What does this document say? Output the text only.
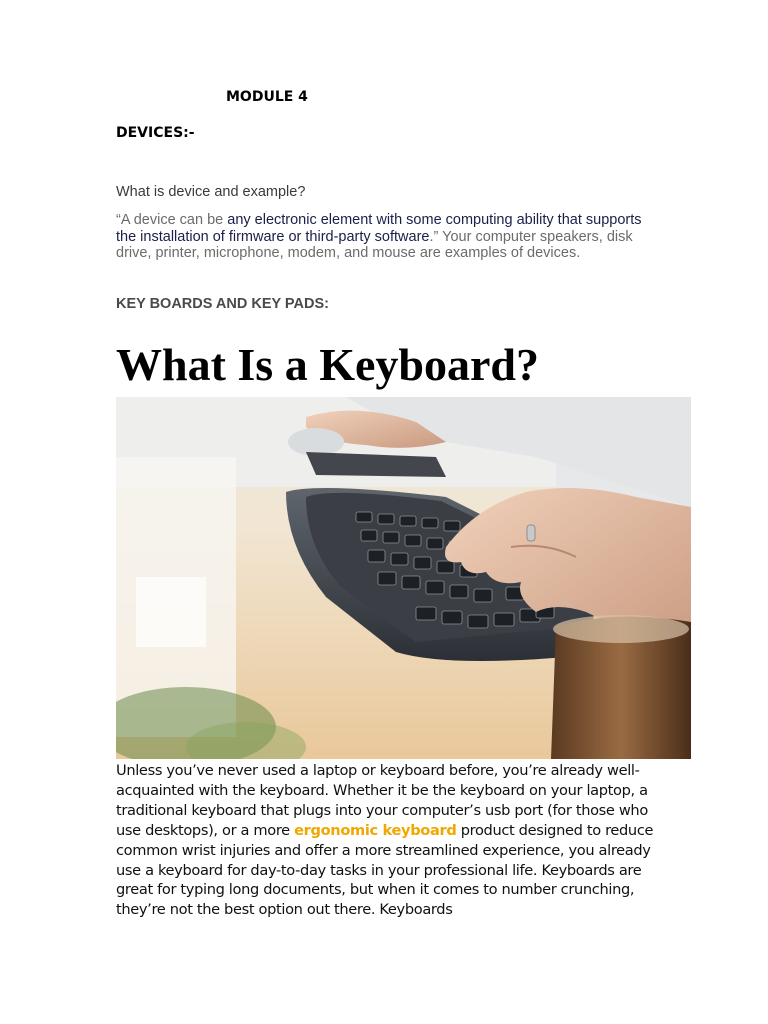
MODULE 4
DEVICES:-
What is device and example?
“A device can be any electronic element with some computing ability that supports the installation of firmware or third-party software.” Your computer speakers, disk drive, printer, microphone, modem, and mouse are examples of devices.
KEY BOARDS AND KEY PADS:
What Is a Keyboard?
Unless you’ve never used a laptop or keyboard before, you’re already well-acquainted with the keyboard. Whether it be the keyboard on your laptop, a traditional keyboard that plugs into your computer’s usb port (for those who use desktops), or a more ergonomic keyboard product designed to reduce common wrist injuries and offer a more streamlined experience, you already use a keyboard for day-to-day tasks in your professional life. Keyboards are great for typing long documents, but when it comes to number crunching, they’re not the best option out there. Keyboards
